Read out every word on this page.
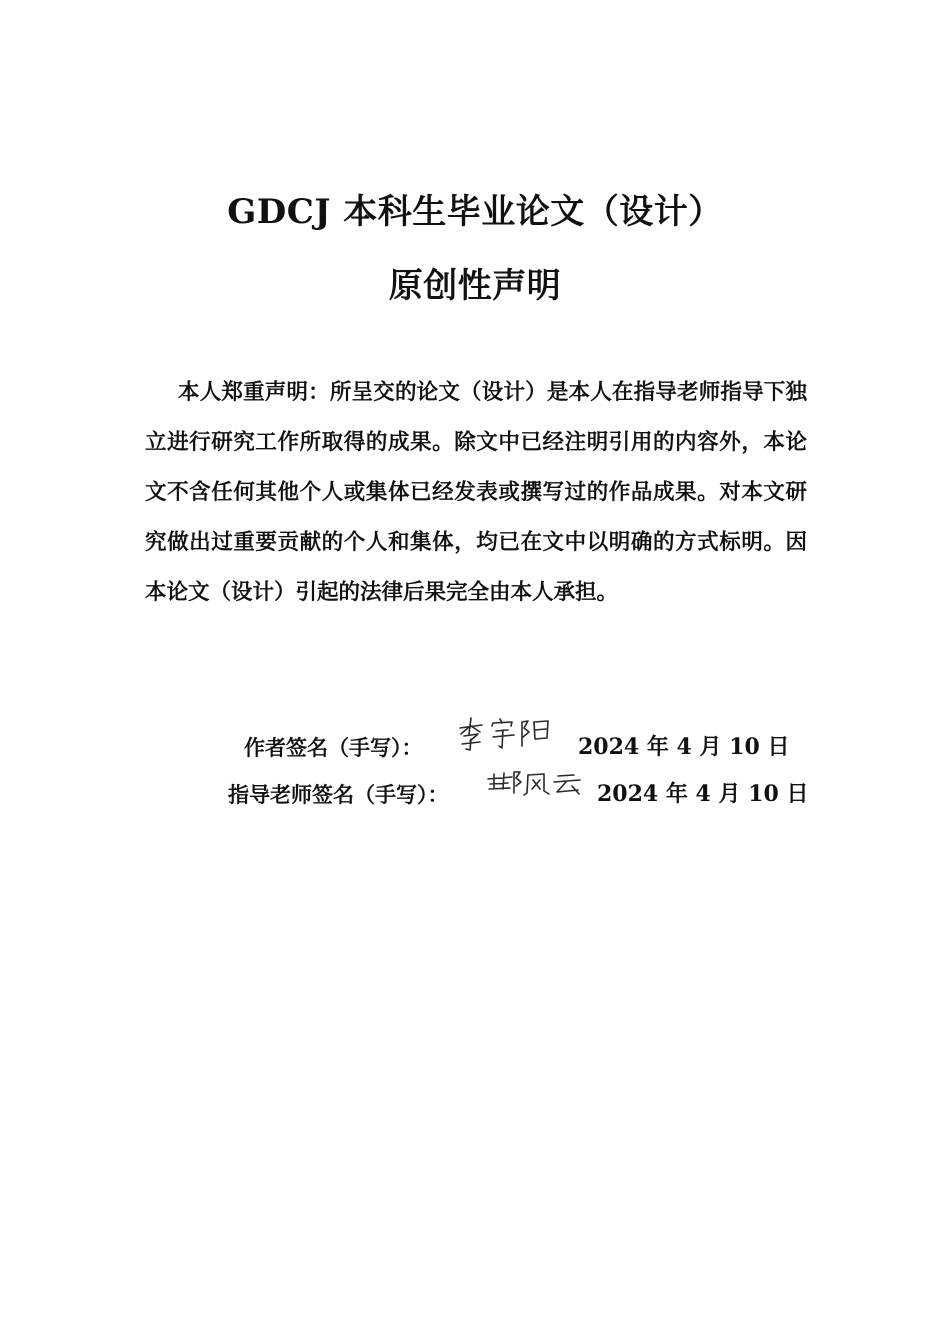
GDCJ 本科生毕业论文（设计）
原创性声明

本人郑重声明：所呈交的论文（设计）是本人在指导老师指导下独立进行研究工作所取得的成果。除文中已经注明引用的内容外，本论文不含任何其他个人或集体已经发表或撰写过的作品成果。对本文研究做出过重要贡献的个人和集体，均已在文中以明确的方式标明。因本论文（设计）引起的法律后果完全由本人承担。

作者签名（手写）：	2024 年 4 月 10 日
指导老师签名（手写）：	2024 年 4 月 10 日
